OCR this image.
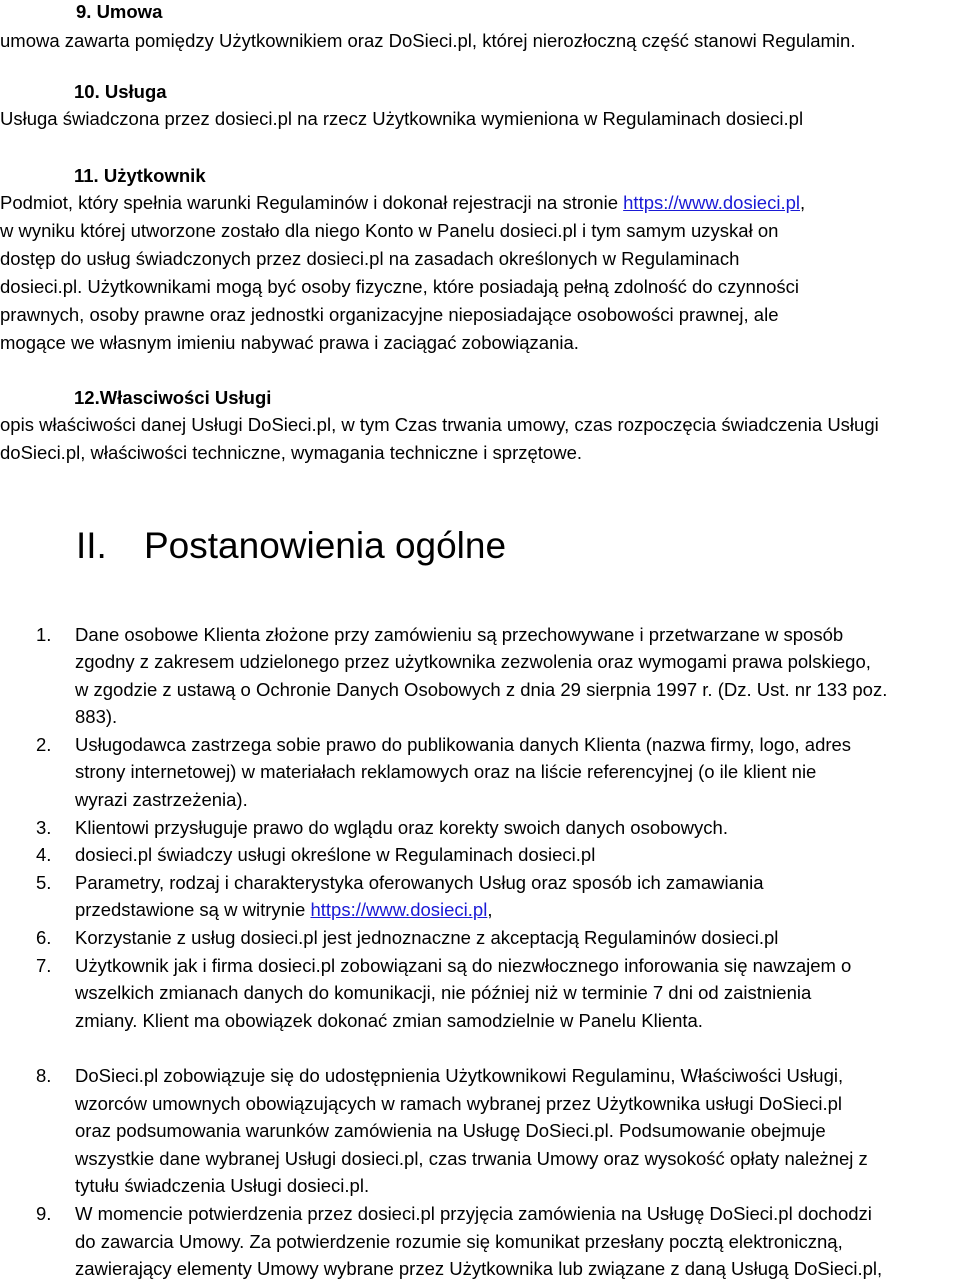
9. Umowa
umowa zawarta pomiędzy Użytkownikiem oraz DoSieci.pl, której nierozłoczną część stanowi Regulamin.
10. Usługa
Usługa świadczona przez dosieci.pl na rzecz Użytkownika wymieniona w Regulaminach dosieci.pl
11. Użytkownik
Podmiot, który spełnia warunki Regulaminów i dokonał rejestracji na stronie https://www.dosieci.pl,
w wyniku której utworzone zostało dla niego Konto w Panelu dosieci.pl i tym samym uzyskał on
dostęp do usług świadczonych przez dosieci.pl na zasadach określonych w Regulaminach
dosieci.pl. Użytkownikami mogą być osoby fizyczne, które posiadają pełną zdolność do czynności
prawnych, osoby prawne oraz jednostki organizacyjne nieposiadające osobowości prawnej, ale
mogące we własnym imieniu nabywać prawa i zaciągać zobowiązania.
12.Własciwości Usługi
opis właściwości danej Usługi DoSieci.pl, w tym Czas trwania umowy, czas rozpoczęcia świadczenia Usługi
doSieci.pl, właściwości techniczne, wymagania techniczne i sprzętowe.
II. Postanowienia ogólne
1. Dane osobowe Klienta złożone przy zamówieniu są przechowywane i przetwarzane w sposób
zgodny z zakresem udzielonego przez użytkownika zezwolenia oraz wymogami prawa polskiego,
w zgodzie z ustawą o Ochronie Danych Osobowych z dnia 29 sierpnia 1997 r. (Dz. Ust. nr 133 poz.
883).
2. Usługodawca zastrzega sobie prawo do publikowania danych Klienta (nazwa firmy, logo, adres
strony internetowej) w materiałach reklamowych oraz na liście referencyjnej (o ile klient nie
wyrazi zastrzeżenia).
3. Klientowi przysługuje prawo do wglądu oraz korekty swoich danych osobowych.
4. dosieci.pl świadczy usługi określone w Regulaminach dosieci.pl
5. Parametry, rodzaj i charakterystyka oferowanych Usług oraz sposób ich zamawiania
przedstawione są w witrynie https://www.dosieci.pl,
6. Korzystanie z usług dosieci.pl jest jednoznaczne z akceptacją Regulaminów dosieci.pl
7. Użytkownik jak i firma dosieci.pl zobowiązani są do niezwłocznego inforowania się nawzajem o
wszelkich zmianach danych do komunikacji, nie później niż w terminie 7 dni od zaistnienia
zmiany. Klient ma obowiązek dokonać zmian samodzielnie w Panelu Klienta.
8. DoSieci.pl zobowiązuje się do udostępnienia Użytkownikowi Regulaminu, Właściwości Usługi,
wzorców umownych obowiązujących w ramach wybranej przez Użytkownika usługi DoSieci.pl
oraz podsumowania warunków zamówienia na Usługę DoSieci.pl. Podsumowanie obejmuje
wszystkie dane wybranej Usługi dosieci.pl, czas trwania Umowy oraz wysokość opłaty należnej z
tytułu świadczenia Usługi dosieci.pl.
9. W momencie potwierdzenia przez dosieci.pl przyjęcia zamówienia na Usługę DoSieci.pl dochodzi
do zawarcia Umowy. Za potwierdzenie rozumie się komunikat przesłany pocztą elektroniczną,
zawierający elementy Umowy wybrane przez Użytkownika lub związane z daną Usługą DoSieci.pl,
